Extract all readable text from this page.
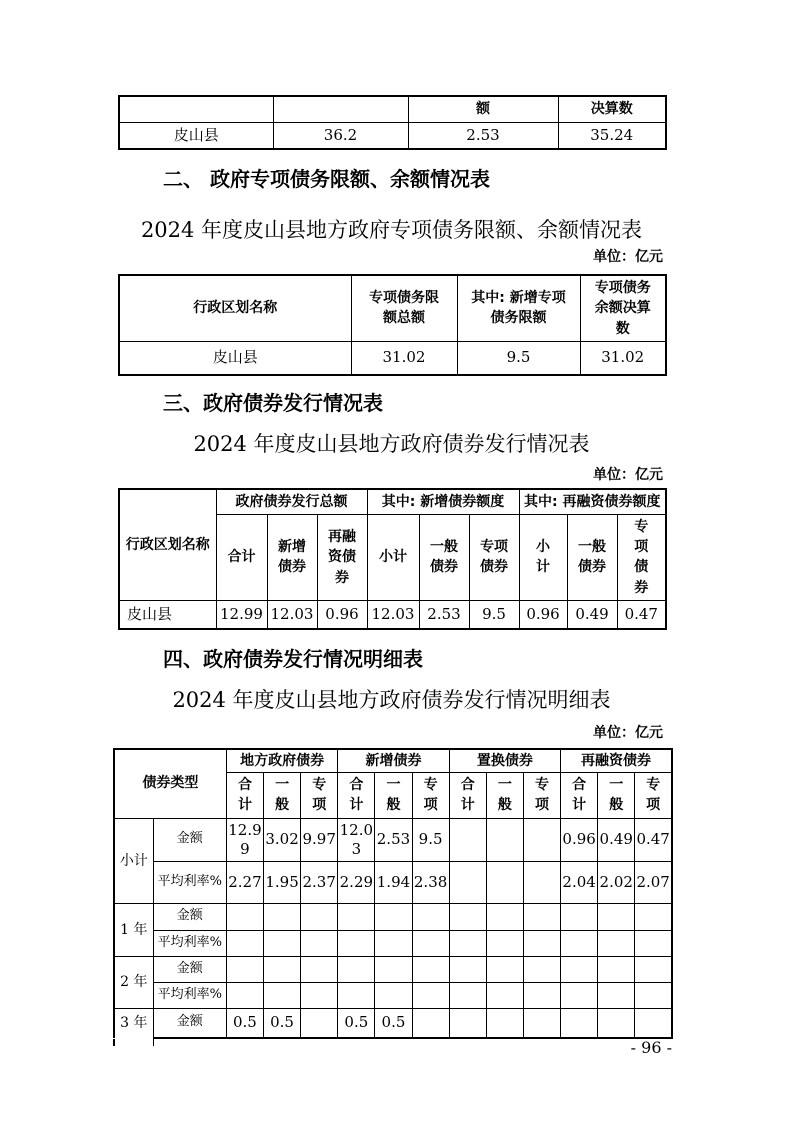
		额	决算数
皮山县	36.2	2.53	35.24
二、 政府专项债务限额、余额情况表
2024 年度皮山县地方政府专项债务限额、余额情况表
单位：亿元
行政区划名称	专项债务限额总额	其中: 新增专项债务限额	专项债务余额决算数
皮山县	31.02	9.5	31.02
三、政府债券发行情况表
2024 年度皮山县地方政府债券发行情况表
单位：亿元
行政区划名称	政府债券发行总额			其中: 新增债券额度			其中: 再融资债券额度		
	合计	新增债券	再融资债券	小计	一般债券	专项债券	小计	一般债券	专项债券
皮山县	12.99	12.03	0.96	12.03	2.53	9.5	0.96	0.49	0.47
四、政府债券发行情况明细表
2024 年度皮山县地方政府债券发行情况明细表
单位：亿元
债券类型		地方政府债券			新增债券			置换债券			再融资债券		
		合计	一般	专项	合计	一般	专项	合计	一般	专项	合计	一般	专项
小计	金额	12.99	3.02	9.97	12.03	2.53	9.5				0.96	0.49	0.47
	平均利率%	2.27	1.95	2.37	2.29	1.94	2.38				2.04	2.02	2.07
1 年	金额												
	平均利率%												
2 年	金额												
	平均利率%												
3 年	金额	0.5	0.5		0.5	0.5							
- 96 -
